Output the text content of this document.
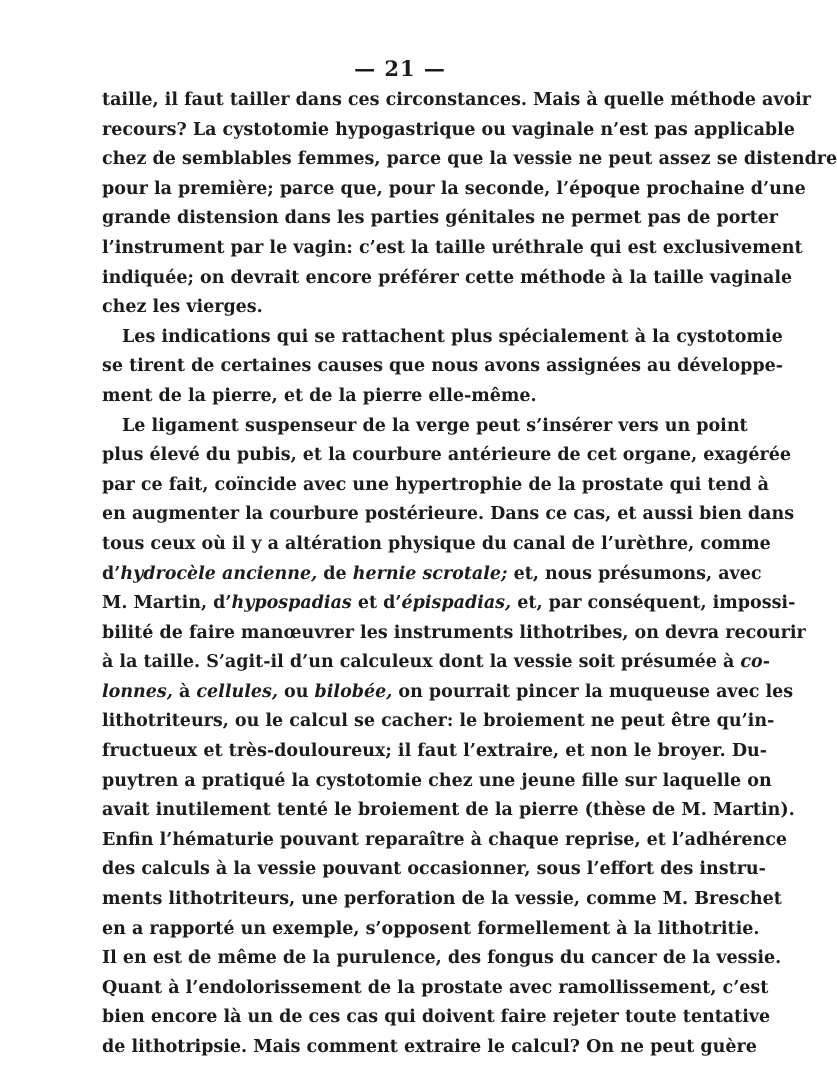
— 21 —
taille, il faut tailler dans ces circonstances. Mais à quelle méthode avoir
recours? La cystotomie hypogastrique ou vaginale n’est pas applicable
chez de semblables femmes, parce que la vessie ne peut assez se distendre
pour la première; parce que, pour la seconde, l’époque prochaine d’une
grande distension dans les parties génitales ne permet pas de porter
l’instrument par le vagin: c’est la taille uréthrale qui est exclusivement
indiquée; on devrait encore préférer cette méthode à la taille vaginale
chez les vierges.
Les indications qui se rattachent plus spécialement à la cystotomie
se tirent de certaines causes que nous avons assignées au développe-
ment de la pierre, et de la pierre elle-même.
Le ligament suspenseur de la verge peut s’insérer vers un point
plus élevé du pubis, et la courbure antérieure de cet organe, exagérée
par ce fait, coïncide avec une hypertrophie de la prostate qui tend à
en augmenter la courbure postérieure. Dans ce cas, et aussi bien dans
tous ceux où il y a altération physique du canal de l’urèthre, comme
d’hydrocèle ancienne, de hernie scrotale; et, nous présumons, avec
M. Martin, d’hypospadias et d’épispadias, et, par conséquent, impossi-
bilité de faire manœuvrer les instruments lithotribes, on devra recourir
à la taille. S’agit-il d’un calculeux dont la vessie soit présumée à co-
lonnes, à cellules, ou bilobée, on pourrait pincer la muqueuse avec les
lithotriteurs, ou le calcul se cacher: le broiement ne peut être qu’in-
fructueux et très-douloureux; il faut l’extraire, et non le broyer. Du-
puytren a pratiqué la cystotomie chez une jeune fille sur laquelle on
avait inutilement tenté le broiement de la pierre (thèse de M. Martin).
Enfin l’hématurie pouvant reparaître à chaque reprise, et l’adhérence
des calculs à la vessie pouvant occasionner, sous l’effort des instru-
ments lithotriteurs, une perforation de la vessie, comme M. Breschet
en a rapporté un exemple, s’opposent formellement à la lithotritie.
Il en est de même de la purulence, des fongus du cancer de la vessie.
Quant à l’endolorissement de la prostate avec ramollissement, c’est
bien encore là un de ces cas qui doivent faire rejeter toute tentative
de lithotripsie. Mais comment extraire le calcul? On ne peut guère
